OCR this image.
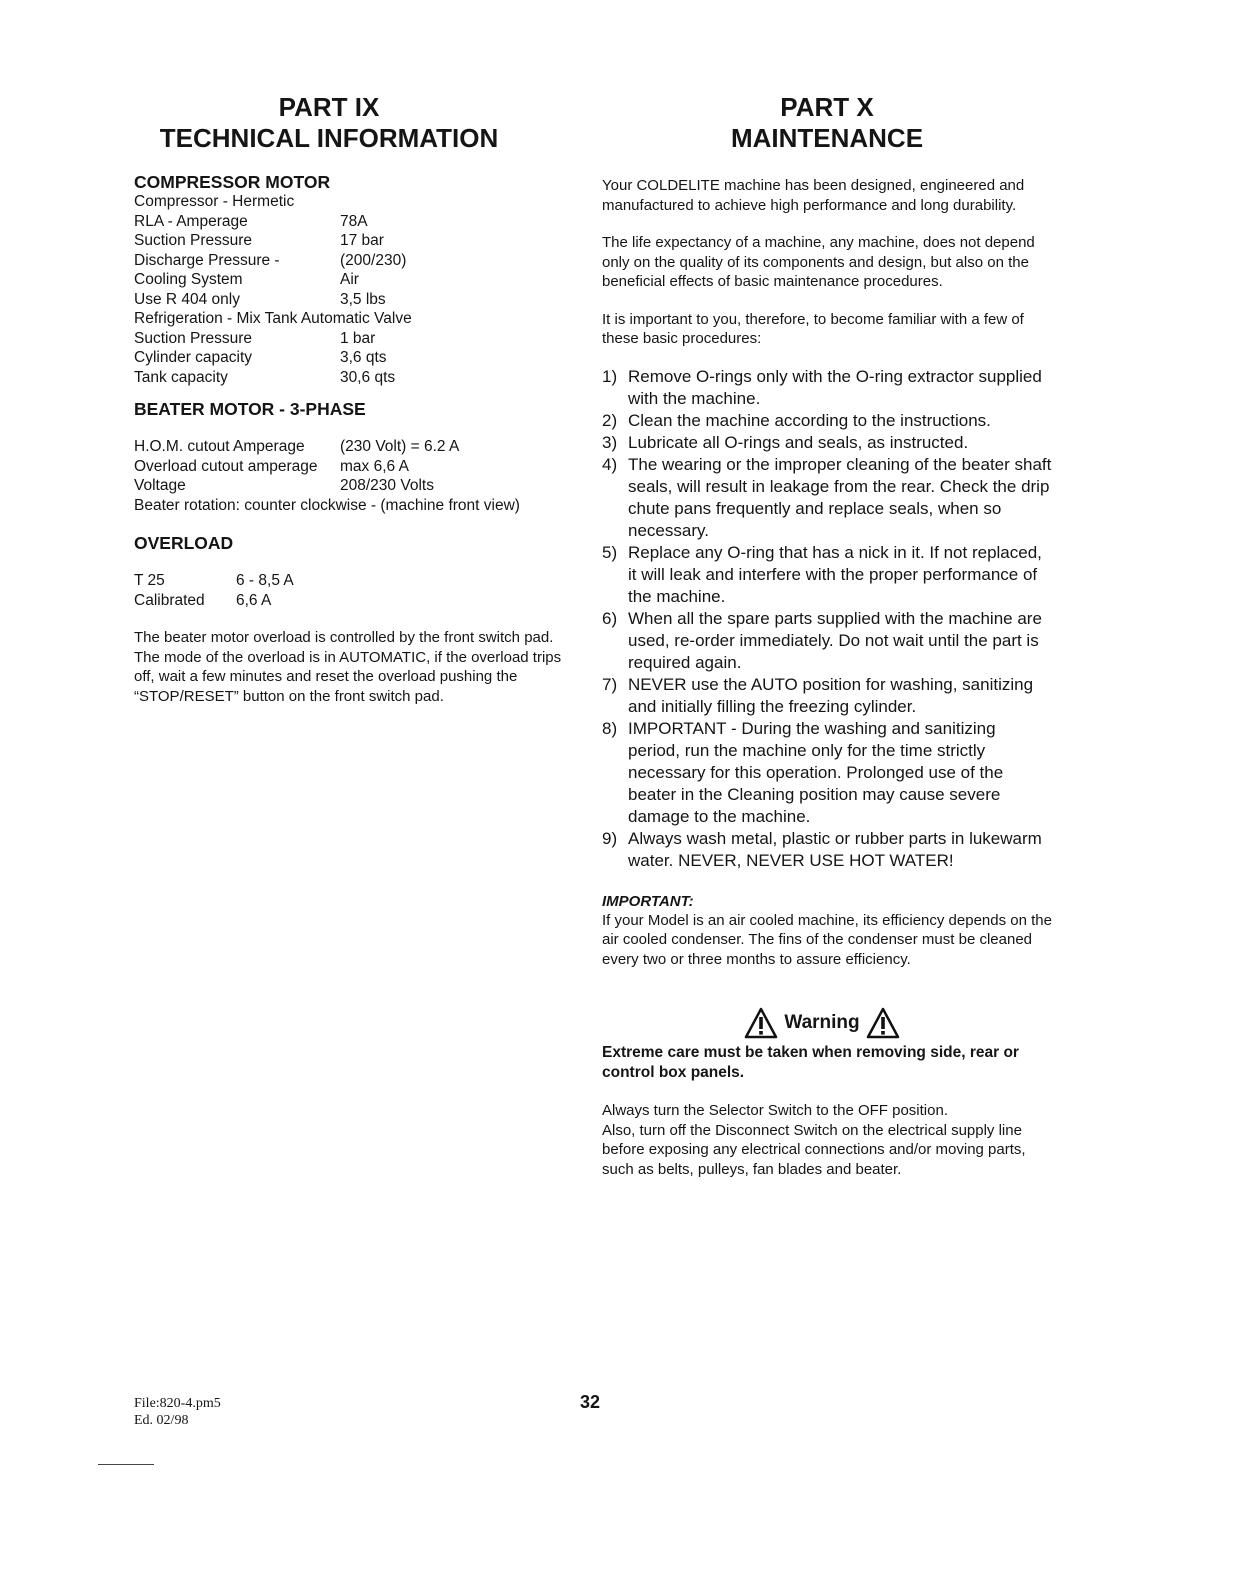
PART IX
TECHNICAL INFORMATION
COMPRESSOR MOTOR
Compressor - Hermetic
RLA - Amperage	78A
Suction Pressure	17 bar
Discharge Pressure -	(200/230)
Cooling System	Air
Use R 404 only	3,5 lbs
Refrigeration - Mix Tank Automatic Valve
Suction Pressure	1 bar
Cylinder capacity	3,6 qts
Tank capacity	30,6 qts
BEATER MOTOR - 3-PHASE
H.O.M. cutout Amperage	(230 Volt) = 6.2 A
Overload cutout amperage	max 6,6 A
Voltage	208/230 Volts
Beater rotation: counter clockwise - (machine front view)
OVERLOAD
T 25	6 - 8,5 A
Calibrated	6,6 A
The beater motor overload is controlled by the front switch pad.
The mode of the overload is in AUTOMATIC, if the overload trips off, wait a few minutes and reset the overload pushing the “STOP/RESET” button on the front switch pad.
PART X
MAINTENANCE
Your COLDELITE machine has been designed, engineered and manufactured to achieve high performance and long durability.
The life expectancy of a machine, any machine, does not depend only on the quality of its components and design, but also on the beneficial effects of basic maintenance procedures.
It is important to you, therefore, to become familiar with a few of these basic procedures:
1) Remove O-rings only with the O-ring extractor supplied with the machine.
2) Clean the machine according to the instructions.
3) Lubricate all O-rings and seals, as instructed.
4) The wearing or the improper cleaning of the beater shaft seals, will result in leakage from the rear. Check the drip chute pans frequently and replace seals, when so necessary.
5) Replace any O-ring that has a nick in it. If not replaced, it will leak and interfere with the proper performance of the machine.
6) When all the spare parts supplied with the machine are used, re-order immediately. Do not wait until the part is required again.
7) NEVER use the AUTO position for washing, sanitizing and initially filling the freezing cylinder.
8) IMPORTANT - During the washing and sanitizing period, run the machine only for the time strictly necessary for this operation. Prolonged use of the beater in the Cleaning position may cause severe damage to the machine.
9) Always wash metal, plastic or rubber parts in lukewarm water. NEVER, NEVER USE HOT WATER!
IMPORTANT:
If your Model is an air cooled machine, its efficiency depends on the air cooled condenser. The fins of the condenser must be cleaned every two or three months to assure efficiency.
Warning
Extreme care must be taken when removing side, rear or control box panels.
Always turn the Selector Switch to the OFF position.
Also, turn off the Disconnect Switch on the electrical supply line before exposing any electrical connections and/or moving parts, such as belts, pulleys, fan blades and beater.
File:820-4.pm5
Ed. 02/98
32
